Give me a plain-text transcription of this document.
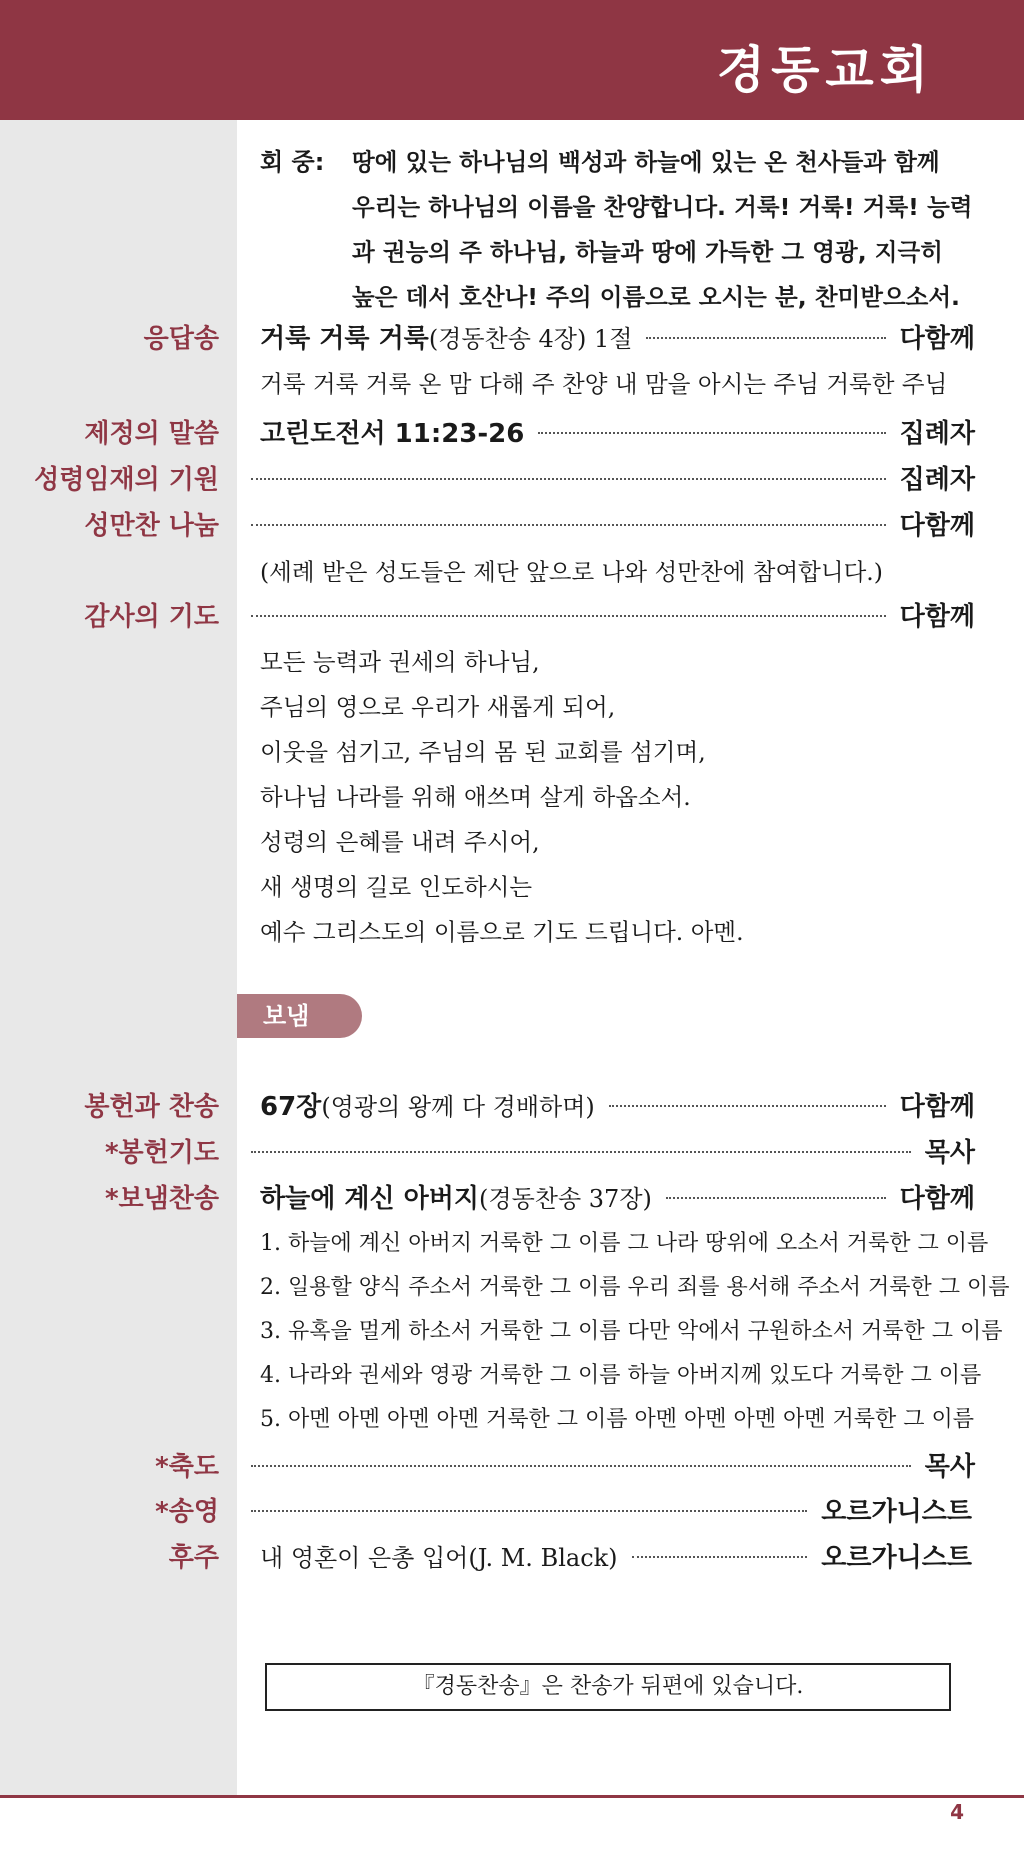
경동교회
회 중: 땅에 있는 하나님의 백성과 하늘에 있는 온 천사들과 함께
우리는 하나님의 이름을 찬양합니다. 거룩! 거룩! 거룩! 능력
과 권능의 주 하나님, 하늘과 땅에 가득한 그 영광, 지극히
높은 데서 호산나! 주의 이름으로 오시는 분, 찬미받으소서.
응답송 거룩 거룩 거룩 (경동찬송 4장) 1절	다함께
거룩 거룩 거룩 온 맘 다해 주 찬양 내 맘을 아시는 주님 거룩한 주님
제정의 말씀 고린도전서 11:23-26	집례자
성령임재의 기원	집례자
성만찬 나눔	다함께
(세례 받은 성도들은 제단 앞으로 나와 성만찬에 참여합니다.)
감사의 기도	다함께
모든 능력과 권세의 하나님,
주님의 영으로 우리가 새롭게 되어,
이웃을 섬기고, 주님의 몸 된 교회를 섬기며,
하나님 나라를 위해 애쓰며 살게 하옵소서.
성령의 은혜를 내려 주시어,
새 생명의 길로 인도하시는
예수 그리스도의 이름으로 기도 드립니다. 아멘.
보냄
봉헌과 찬송 67장 (영광의 왕께 다 경배하며)	다함께
*봉헌기도	목사
*보냄찬송 하늘에 계신 아버지 (경동찬송 37장)	다함께
1. 하늘에 계신 아버지 거룩한 그 이름 그 나라 땅위에 오소서 거룩한 그 이름
2. 일용할 양식 주소서 거룩한 그 이름 우리 죄를 용서해 주소서 거룩한 그 이름
3. 유혹을 멀게 하소서 거룩한 그 이름 다만 악에서 구원하소서 거룩한 그 이름
4. 나라와 권세와 영광 거룩한 그 이름 하늘 아버지께 있도다 거룩한 그 이름
5. 아멘 아멘 아멘 아멘 거룩한 그 이름 아멘 아멘 아멘 아멘 거룩한 그 이름
*축도	목사
*송영	오르가니스트
후주 내 영혼이 은총 입어(J. M. Black)	오르가니스트
『경동찬송』은 찬송가 뒤편에 있습니다.
4
